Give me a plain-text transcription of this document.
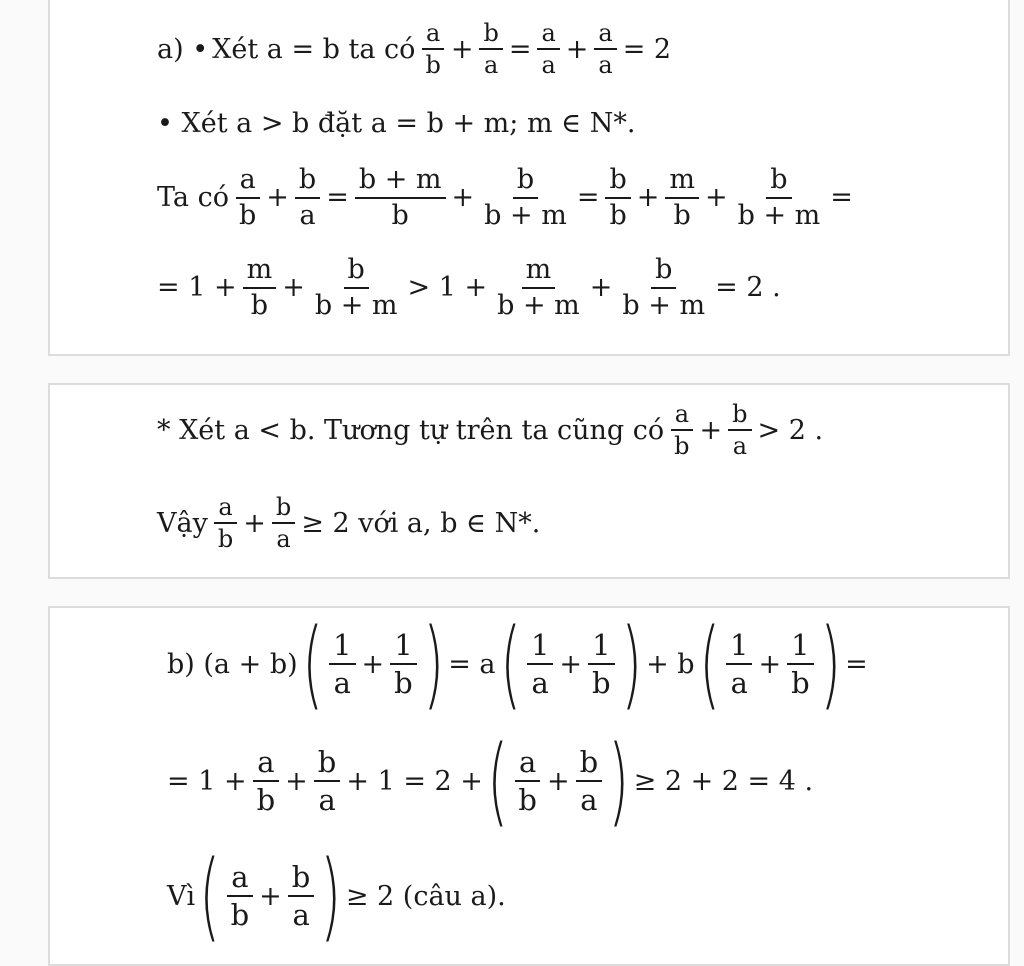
a) • Xét a = b ta có $\frac{a}{b} + \frac{b}{a} = \frac{a}{a} + \frac{a}{a} = 2$
• Xét a > b đặt a = b + m; m ∈ N*.
Ta có $\frac{a}{b} + \frac{b}{a} = \frac{b + m}{b} + \frac{b}{b + m} = \frac{b}{b} + \frac{m}{b} + \frac{b}{b + m}$ =
= $1 + \frac{m}{b} + \frac{b}{b + m} > 1 + \frac{m}{b + m} + \frac{b}{b + m} = 2$ .
* Xét a < b. Tương tự trên ta cũng có $\frac{a}{b} + \frac{b}{a} > 2$ .
Vậy $\frac{a}{b} + \frac{b}{a} \ge 2$ với a, b ∈ N*.
b) (a + b) ( $\frac{1}{a} + \frac{1}{b}$ ) = a ( $\frac{1}{a} + \frac{1}{b}$ ) + b ( $\frac{1}{a} + \frac{1}{b}$ ) =
= $1 + \frac{a}{b} + \frac{b}{a} + 1 = 2$ + ( $\frac{a}{b} + \frac{b}{a}$ ) ≥ 2 + 2 = 4 .
Vì ( $\frac{a}{b} + \frac{b}{a}$ ) ≥ 2 (câu a).
